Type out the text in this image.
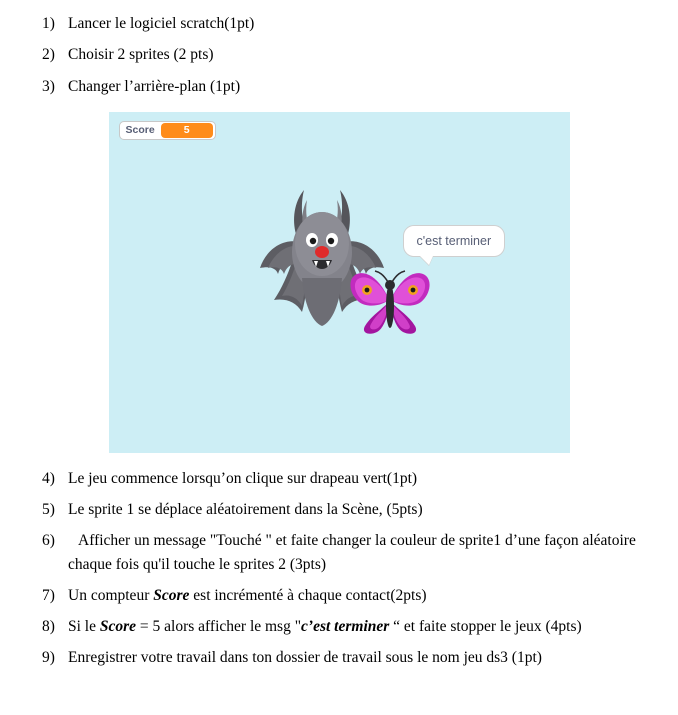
1) Lancer le logiciel scratch(1pt)
2) Choisir 2 sprites (2 pts)
3) Changer l’arrière-plan (1pt)
Score	5
c'est terminer
4) Le jeu commence lorsqu’on clique sur drapeau vert(1pt)
5) Le sprite 1 se déplace aléatoirement dans la Scène, (5pts)
6)	Afficher un message "Touché " et faite changer la couleur de sprite1 d’une façon aléatoire chaque fois qu'il touche le sprites 2 (3pts)
7) Un compteur Score est incrémenté à chaque contact(2pts)
8) Si le Score = 5 alors afficher le msg "c’est terminer “ et faite stopper le jeux (4pts)
9) Enregistrer votre travail dans ton dossier de travail sous le nom jeu ds3 (1pt)
